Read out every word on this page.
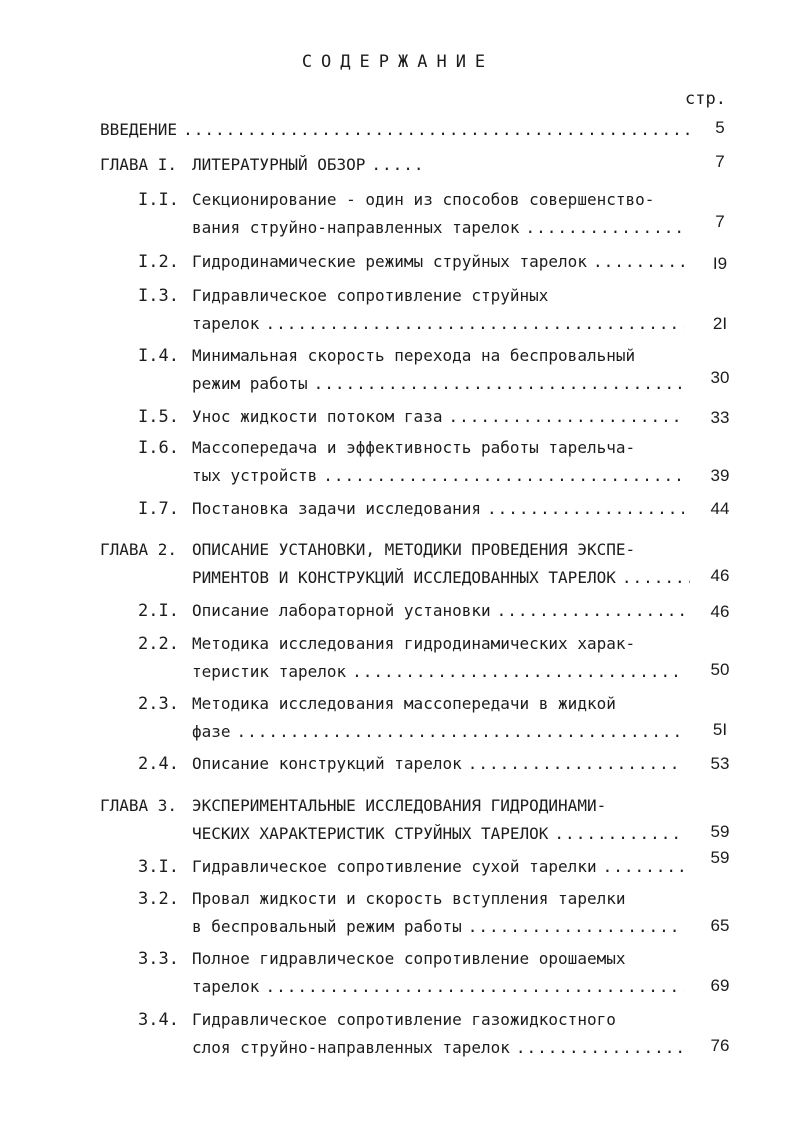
СОДЕРЖАНИЕ
стр.
ВВЕДЕНИЕ .....	5
ГЛАВА I. ЛИТЕРАТУРНЫЙ ОБЗОР .....	7
I.I. Секционирование - один из способов совершенство-
вания струйно-направленных тарелок .....	7
I.2. Гидродинамические режимы струйных тарелок .....	I9
I.3. Гидравлическое сопротивление струйных
тарелок .....	2I
I.4. Минимальная скорость перехода на беспровальный
режим работы .....	30
I.5. Унос жидкости потоком газа .....	33
I.6. Массопередача и эффективность работы тарельча-
тых устройств .....	39
I.7. Постановка задачи исследования .....	44
ГЛАВА 2. ОПИСАНИЕ УСТАНОВКИ, МЕТОДИКИ ПРОВЕДЕНИЯ ЭКСПЕ-
РИМЕНТОВ И КОНСТРУКЦИЙ ИССЛЕДОВАННЫХ ТАРЕЛОК .....	46
2.I. Описание лабораторной установки .....	46
2.2. Методика исследования гидродинамических харак-
теристик тарелок .....	50
2.3. Методика исследования массопередачи в жидкой
фазе .....	5I
2.4. Описание конструкций тарелок .....	53
ГЛАВА 3. ЭКСПЕРИМЕНТАЛЬНЫЕ ИССЛЕДОВАНИЯ ГИДРОДИНАМИ-
ЧЕСКИХ ХАРАКТЕРИСТИК СТРУЙНЫХ ТАРЕЛОК .....	59
3.I. Гидравлическое сопротивление сухой тарелки .....	59
3.2. Провал жидкости и скорость вступления тарелки
в беспровальный режим работы .....	65
3.3. Полное гидравлическое сопротивление орошаемых
тарелок .....	69
3.4. Гидравлическое сопротивление газожидкостного
слоя струйно-направленных тарелок .....	76
